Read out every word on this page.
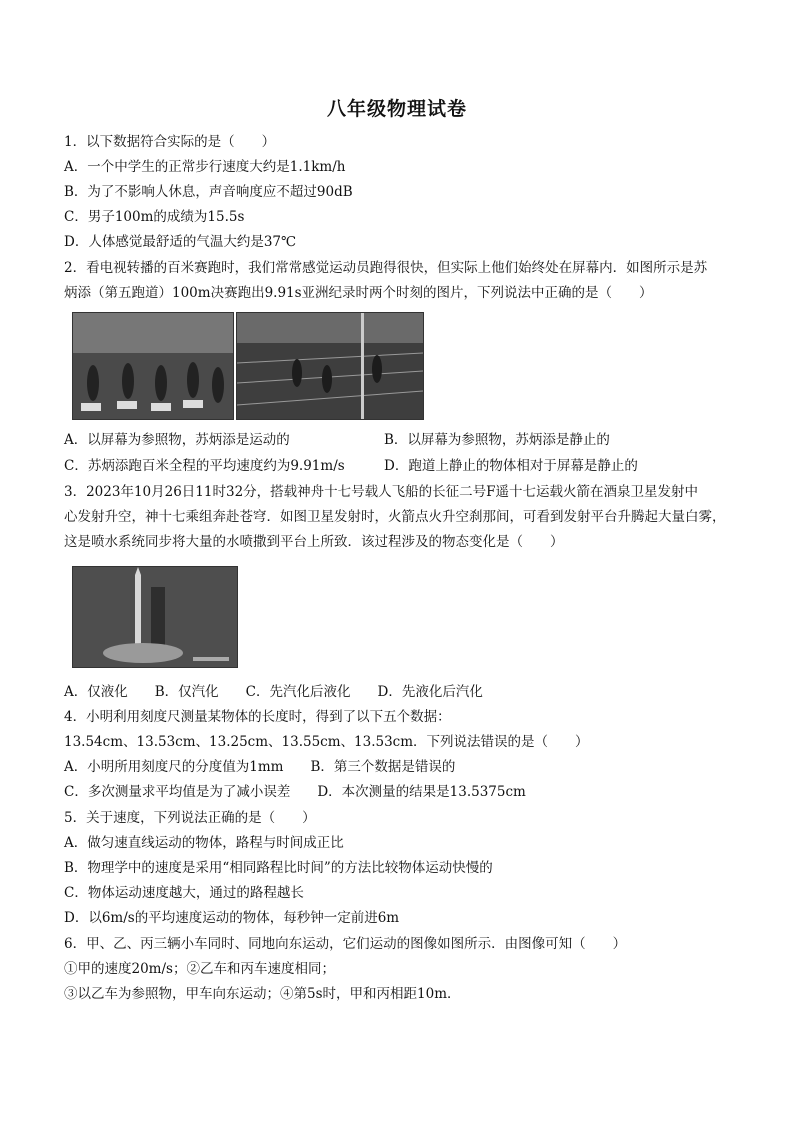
八年级物理试卷
1．以下数据符合实际的是（　　）
A．一个中学生的正常步行速度大约是1.1km/h
B．为了不影响人休息，声音响度应不超过90dB
C．男子100m的成绩为15.5s
D．人体感觉最舒适的气温大约是37℃
2．看电视转播的百米赛跑时，我们常常感觉运动员跑得很快，但实际上他们始终处在屏幕内．如图所示是苏
炳添（第五跑道）100m决赛跑出9.91s亚洲纪录时两个时刻的图片，下列说法中正确的是（　　）
A．以屏幕为参照物，苏炳添是运动的	B．以屏幕为参照物，苏炳添是静止的
C．苏炳添跑百米全程的平均速度约为9.91m/s	D．跑道上静止的物体相对于屏幕是静止的
3．2023年10月26日11时32分，搭载神舟十七号载人飞船的长征二号F遥十七运载火箭在酒泉卫星发射中
心发射升空，神十七乘组奔赴苍穹．如图卫星发射时，火箭点火升空刹那间，可看到发射平台升腾起大量白雾，
这是喷水系统同步将大量的水喷撒到平台上所致．该过程涉及的物态变化是（　　）
A．仅液化　　B．仅汽化　　C．先汽化后液化　　D．先液化后汽化
4．小明利用刻度尺测量某物体的长度时，得到了以下五个数据：
13.54cm、13.53cm、13.25cm、13.55cm、13.53cm．下列说法错误的是（　　）
A．小明所用刻度尺的分度值为1mm　　B．第三个数据是错误的
C．多次测量求平均值是为了减小误差　　D．本次测量的结果是13.5375cm
5．关于速度，下列说法正确的是（　　）
A．做匀速直线运动的物体，路程与时间成正比
B．物理学中的速度是采用“相同路程比时间”的方法比较物体运动快慢的
C．物体运动速度越大，通过的路程越长
D．以6m/s的平均速度运动的物体，每秒钟一定前进6m
6．甲、乙、丙三辆小车同时、同地向东运动，它们运动的图像如图所示．由图像可知（　　）
①甲的速度20m/s；②乙车和丙车速度相同；
③以乙车为参照物，甲车向东运动；④第5s时，甲和丙相距10m．
